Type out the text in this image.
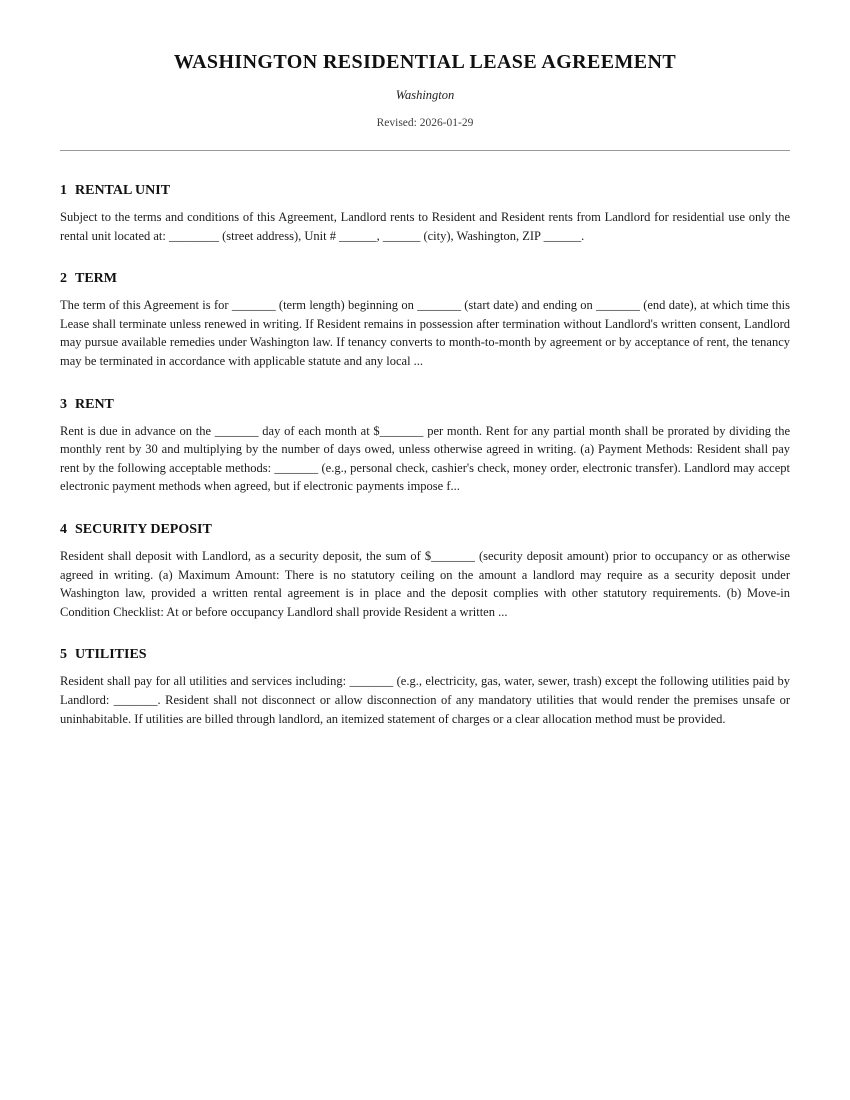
WASHINGTON RESIDENTIAL LEASE AGREEMENT
Washington
Revised: 2026-01-29
1 RENTAL UNIT

Subject to the terms and conditions of this Agreement, Landlord rents to Resident and Resident rents from Landlord for residential use only the rental unit located at: ________ (street address), Unit # ______, ______ (city), Washington, ZIP ______.

2 TERM

The term of this Agreement is for _______ (term length) beginning on _______ (start date) and ending on _______ (end date), at which time this Lease shall terminate unless renewed in writing. If Resident remains in possession after termination without Landlord's written consent, Landlord may pursue available remedies under Washington law. If tenancy converts to month-to-month by agreement or by acceptance of rent, the tenancy may be terminated in accordance with applicable statute and any local ...

3 RENT

Rent is due in advance on the _______ day of each month at $_______ per month. Rent for any partial month shall be prorated by dividing the monthly rent by 30 and multiplying by the number of days owed, unless otherwise agreed in writing. (a) Payment Methods: Resident shall pay rent by the following acceptable methods: _______ (e.g., personal check, cashier's check, money order, electronic transfer). Landlord may accept electronic payment methods when agreed, but if electronic payments impose f...

4 SECURITY DEPOSIT

Resident shall deposit with Landlord, as a security deposit, the sum of $_______ (security deposit amount) prior to occupancy or as otherwise agreed in writing. (a) Maximum Amount: There is no statutory ceiling on the amount a landlord may require as a security deposit under Washington law, provided a written rental agreement is in place and the deposit complies with other statutory requirements. (b) Move-in Condition Checklist: At or before occupancy Landlord shall provide Resident a written ...

5 UTILITIES

Resident shall pay for all utilities and services including: _______ (e.g., electricity, gas, water, sewer, trash) except the following utilities paid by Landlord: _______. Resident shall not disconnect or allow disconnection of any mandatory utilities that would render the premises unsafe or uninhabitable. If utilities are billed through landlord, an itemized statement of charges or a clear allocation method must be provided.
